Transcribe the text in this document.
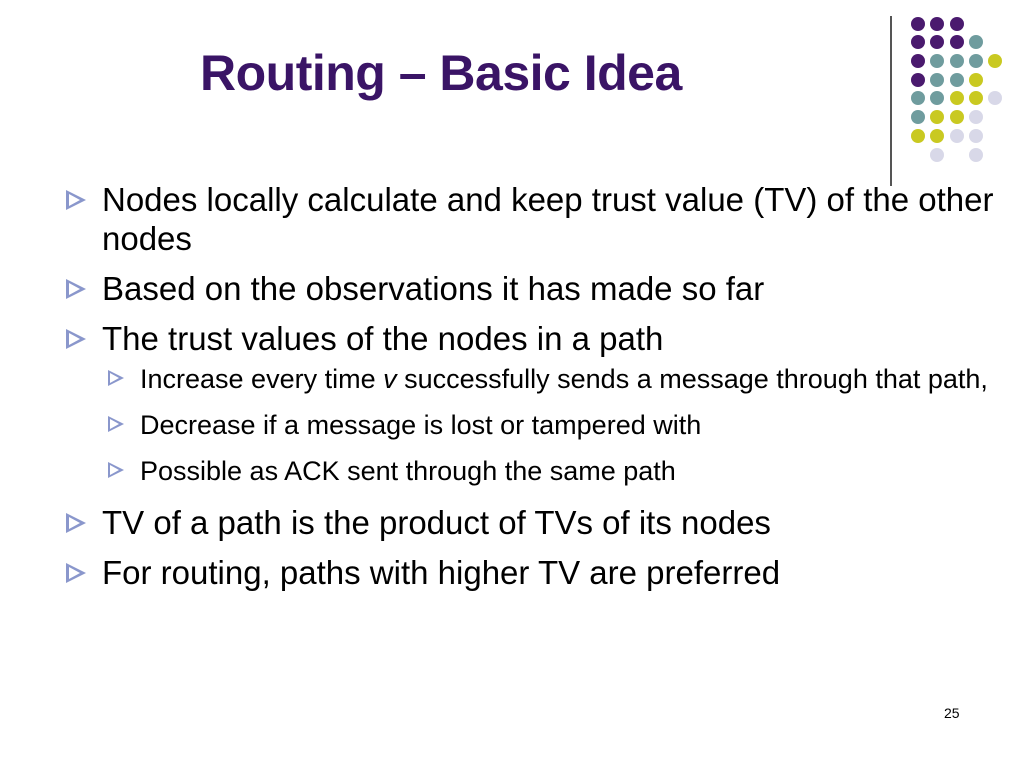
Routing – Basic Idea
Nodes locally calculate and keep trust value (TV) of the other nodes
Based on the observations it has made so far
The trust values of the nodes in a path
Increase every time v successfully sends a message through that path,
Decrease if a message is lost or tampered with
Possible as ACK sent through the same path
TV of a path is the product of TVs of its nodes
For routing, paths with higher TV are preferred
25
